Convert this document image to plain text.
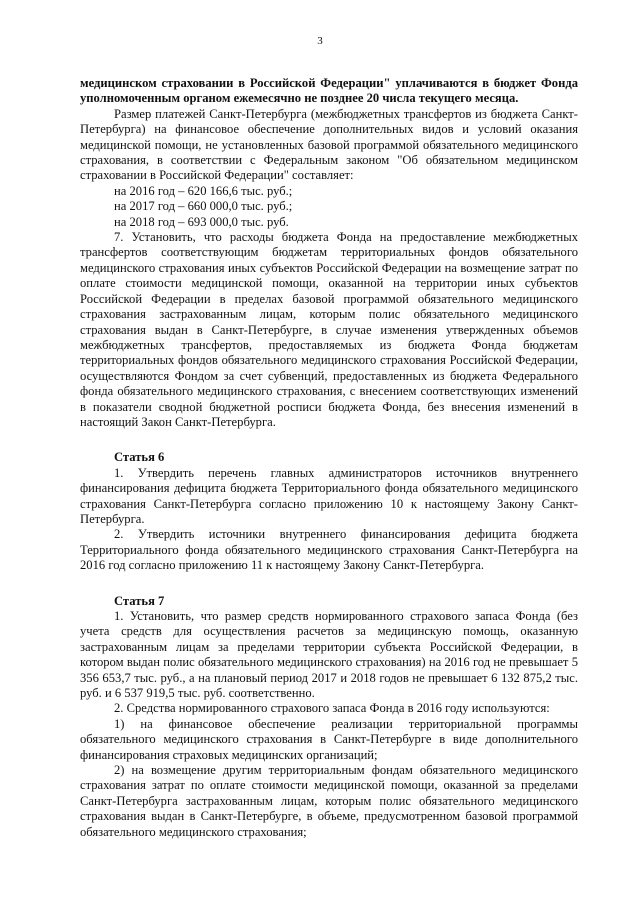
3

медицинском страховании в Российской Федерации" уплачиваются в бюджет Фонда уполномоченным органом ежемесячно не позднее 20 числа текущего месяца.

Размер платежей Санкт-Петербурга (межбюджетных трансфертов из бюджета Санкт-Петербурга) на финансовое обеспечение дополнительных видов и условий оказания медицинской помощи, не установленных базовой программой обязательного медицинского страхования, в соответствии с Федеральным законом "Об обязательном медицинском страховании в Российской Федерации" составляет:

на 2016 год – 620 166,6 тыс. руб.;

на 2017 год – 660 000,0 тыс. руб.;

на 2018 год – 693 000,0 тыс. руб.

7. Установить, что расходы бюджета Фонда на предоставление межбюджетных трансфертов соответствующим бюджетам территориальных фондов обязательного медицинского страхования иных субъектов Российской Федерации на возмещение затрат по оплате стоимости медицинской помощи, оказанной на территории иных субъектов Российской Федерации в пределах базовой программой обязательного медицинского страхования застрахованным лицам, которым полис обязательного медицинского страхования выдан в Санкт-Петербурге, в случае изменения утвержденных объемов межбюджетных трансфертов, предоставляемых из бюджета Фонда бюджетам территориальных фондов обязательного медицинского страхования Российской Федерации, осуществляются Фондом за счет субвенций, предоставленных из бюджета Федерального фонда обязательного медицинского страхования, с внесением соответствующих изменений в показатели сводной бюджетной росписи бюджета Фонда, без внесения изменений в настоящий Закон Санкт-Петербурга.

Статья 6

1. Утвердить перечень главных администраторов источников внутреннего финансирования дефицита бюджета Территориального фонда обязательного медицинского страхования Санкт-Петербурга согласно приложению 10 к настоящему Закону Санкт-Петербурга.

2. Утвердить источники внутреннего финансирования дефицита бюджета Территориального фонда обязательного медицинского страхования Санкт-Петербурга на 2016 год согласно приложению 11 к настоящему Закону Санкт-Петербурга.

Статья 7

1. Установить, что размер средств нормированного страхового запаса Фонда (без учета средств для осуществления расчетов за медицинскую помощь, оказанную застрахованным лицам за пределами территории субъекта Российской Федерации, в котором выдан полис обязательного медицинского страхования) на 2016 год не превышает 5 356 653,7 тыс. руб., а на плановый период 2017 и 2018 годов не превышает 6 132 875,2 тыс. руб. и 6 537 919,5 тыс. руб. соответственно.

2. Средства нормированного страхового запаса Фонда в 2016 году используются:

1) на финансовое обеспечение реализации территориальной программы обязательного медицинского страхования в Санкт-Петербурге в виде дополнительного финансирования страховых медицинских организаций;

2) на возмещение другим территориальным фондам обязательного медицинского страхования затрат по оплате стоимости медицинской помощи, оказанной за пределами Санкт-Петербурга застрахованным лицам, которым полис обязательного медицинского страхования выдан в Санкт-Петербурге, в объеме, предусмотренном базовой программой обязательного медицинского страхования;
